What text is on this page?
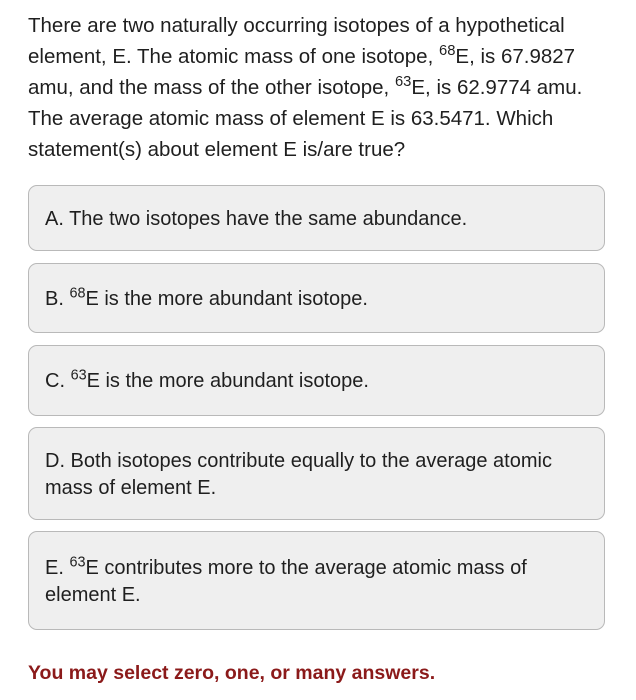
There are two naturally occurring isotopes of a hypothetical element, E. The atomic mass of one isotope, $^{68}$E, is 67.9827 amu, and the mass of the other isotope, $^{63}$E, is 62.9774 amu. The average atomic mass of element E is 63.5471. Which statement(s) about element E is/are true?

A. The two isotopes have the same abundance.
B. $^{68}$E is the more abundant isotope.
C. $^{63}$E is the more abundant isotope.
D. Both isotopes contribute equally to the average atomic mass of element E.
E. $^{63}$E contributes more to the average atomic mass of element E.

You may select zero, one, or many answers.
